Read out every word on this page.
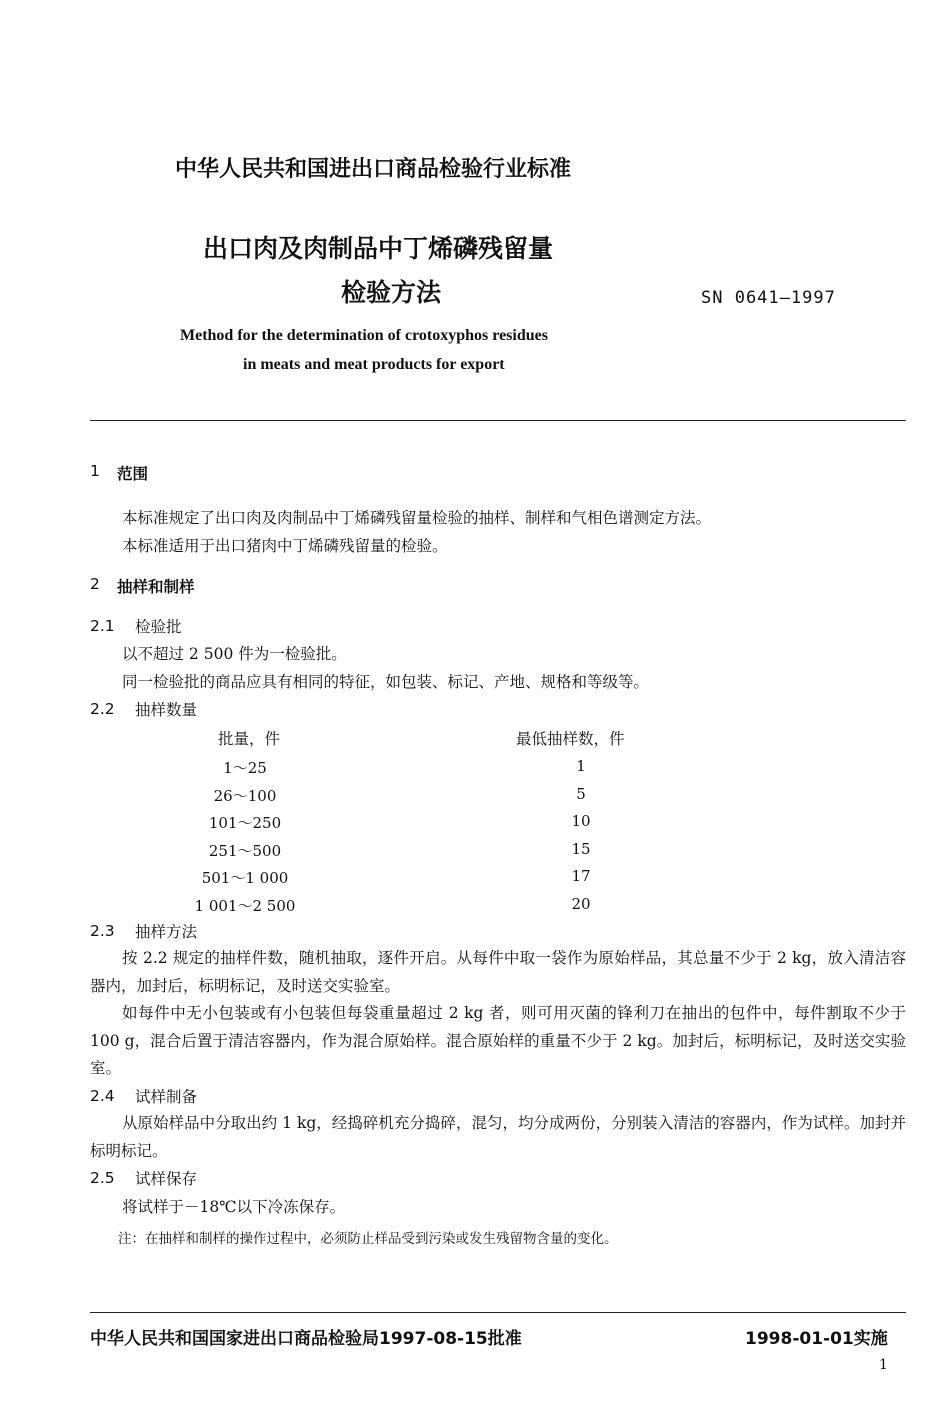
中华人民共和国进出口商品检验行业标准
出口肉及肉制品中丁烯磷残留量
检验方法	SN 0641—1997
Method for the determination of crotoxyphos residues
in meats and meat products for export
1 范围
本标准规定了出口肉及肉制品中丁烯磷残留量检验的抽样、制样和气相色谱测定方法。
本标准适用于出口猪肉中丁烯磷残留量的检验。
2 抽样和制样
2.1 检验批
以不超过 2 500 件为一检验批。
同一检验批的商品应具有相同的特征，如包装、标记、产地、规格和等级等。
2.2 抽样数量
批量，件	最低抽样数，件
1～25	1
26～100	5
101～250	10
251～500	15
501～1 000	17
1 001～2 500	20
2.3 抽样方法
按 2.2 规定的抽样件数，随机抽取，逐件开启。从每件中取一袋作为原始样品，其总量不少于 2 kg，放入清洁容器内，加封后，标明标记，及时送交实验室。
如每件中无小包装或有小包装但每袋重量超过 2 kg 者，则可用灭菌的锋利刀在抽出的包件中，每件割取不少于 100 g，混合后置于清洁容器内，作为混合原始样。混合原始样的重量不少于 2 kg。加封后，标明标记，及时送交实验室。
2.4 试样制备
从原始样品中分取出约 1 kg，经捣碎机充分捣碎，混匀，均分成两份，分别装入清洁的容器内，作为试样。加封并标明标记。
2.5 试样保存
将试样于－18℃以下冷冻保存。
注：在抽样和制样的操作过程中，必须防止样品受到污染或发生残留物含量的变化。
中华人民共和国国家进出口商品检验局1997-08-15批准	1998-01-01实施
1
